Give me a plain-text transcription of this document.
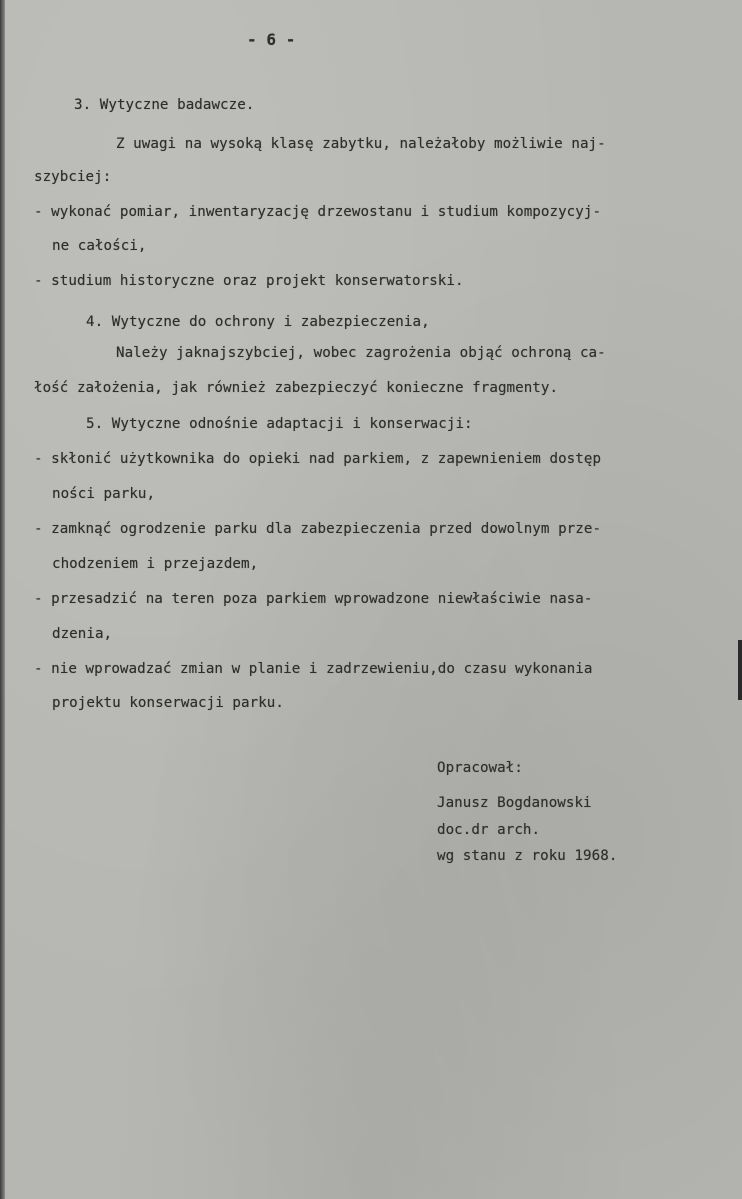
- 6 -
3. Wytyczne badawcze.
Z uwagi na wysoką klasę zabytku, należałoby możliwie naj-
szybciej:
- wykonać pomiar, inwentaryzację drzewostanu i studium kompozycyj-
ne całości,
- studium historyczne oraz projekt konserwatorski.
4. Wytyczne do ochrony i zabezpieczenia,
Należy jaknajszybciej, wobec zagrożenia objąć ochroną ca-
łość założenia, jak również zabezpieczyć konieczne fragmenty.
5. Wytyczne odnośnie adaptacji i konserwacji:
- skłonić użytkownika do opieki nad parkiem, z zapewnieniem dostęp
ności parku,
- zamknąć ogrodzenie parku dla zabezpieczenia przed dowolnym prze-
chodzeniem i przejazdem,
- przesadzić na teren poza parkiem wprowadzone niewłaściwie nasa-
dzenia,
- nie wprowadzać zmian w planie i zadrzewieniu,do czasu wykonania
projektu konserwacji parku.
Opracował:
Janusz Bogdanowski
doc.dr arch.
wg stanu z roku 1968.
